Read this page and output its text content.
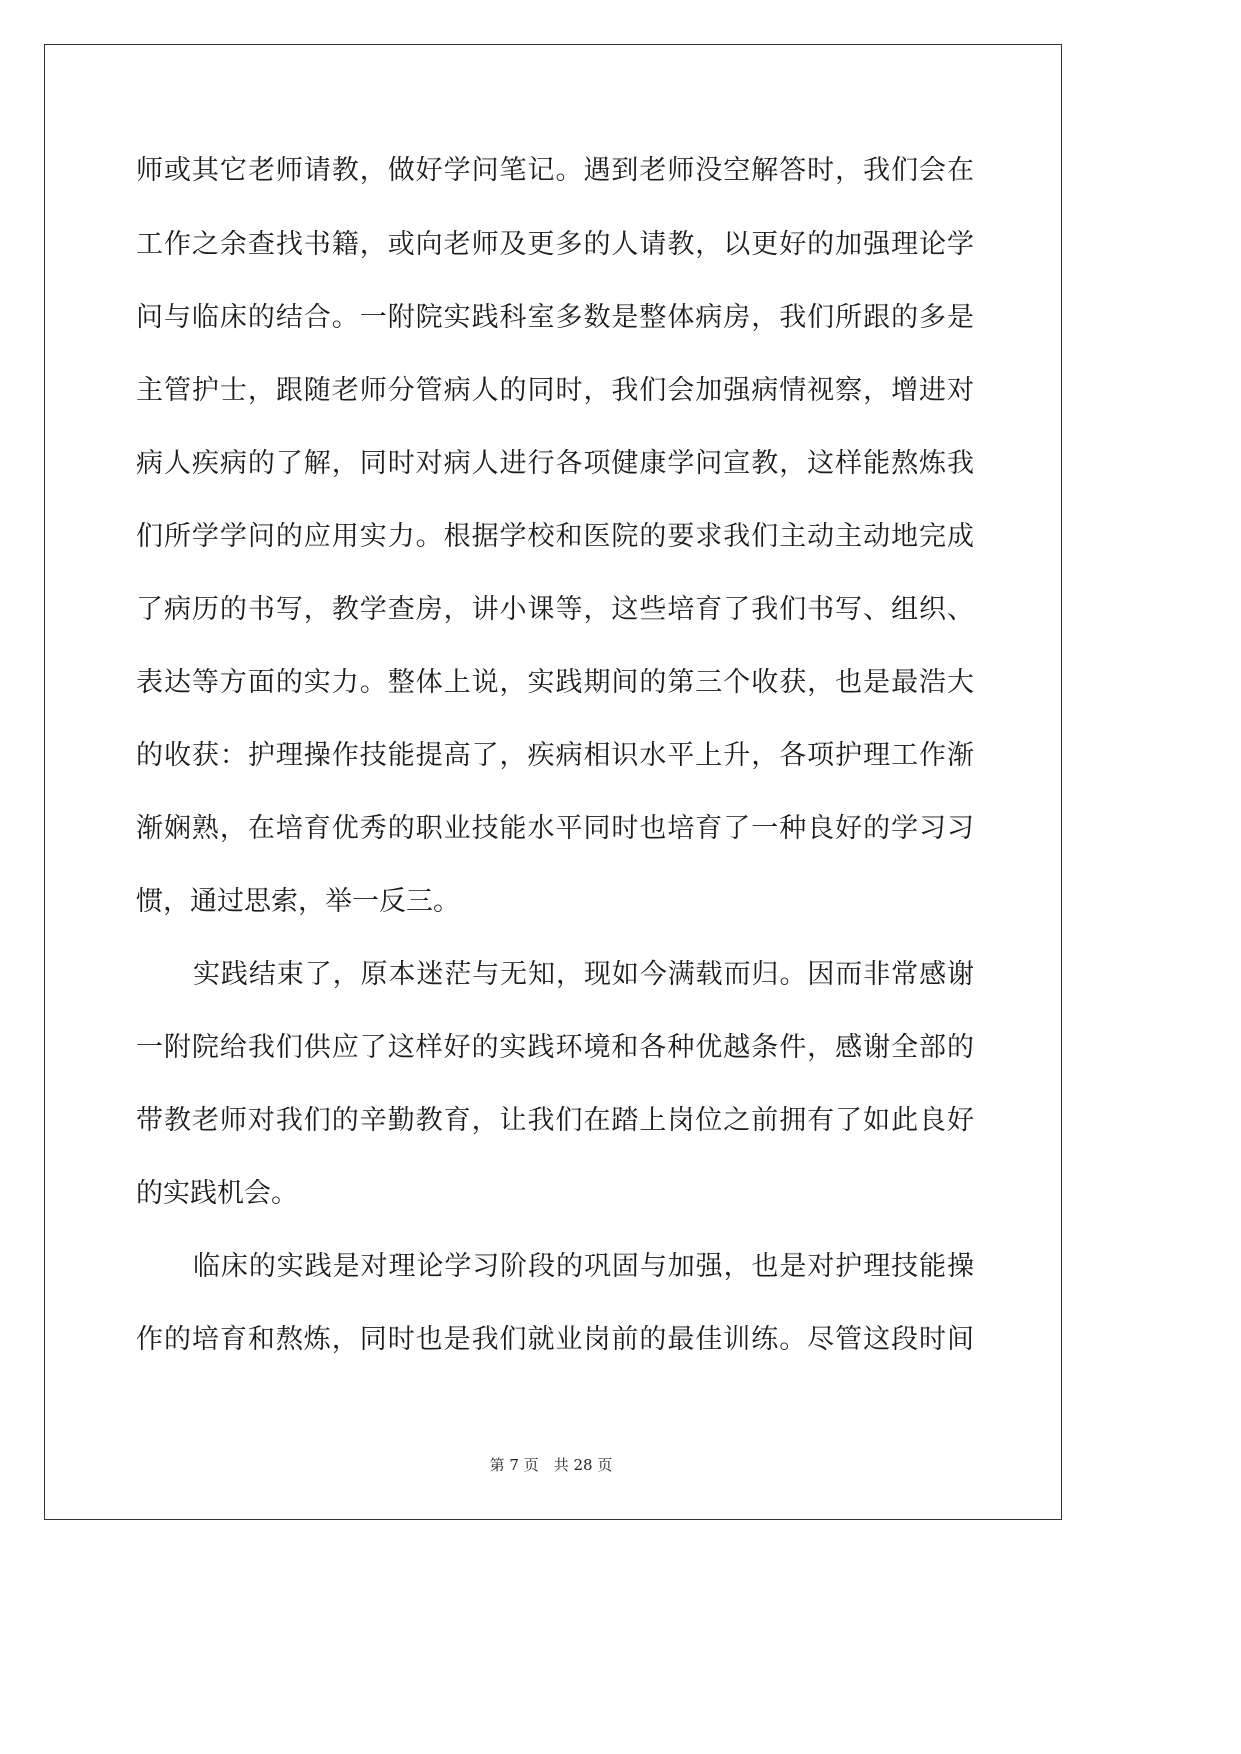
师或其它老师请教，做好学问笔记。遇到老师没空解答时，我们会在
工作之余查找书籍，或向老师及更多的人请教，以更好的加强理论学
问与临床的结合。一附院实践科室多数是整体病房，我们所跟的多是
主管护士，跟随老师分管病人的同时，我们会加强病情视察，增进对
病人疾病的了解，同时对病人进行各项健康学问宣教，这样能熬炼我
们所学学问的应用实力。根据学校和医院的要求我们主动主动地完成
了病历的书写，教学查房，讲小课等，这些培育了我们书写、组织、
表达等方面的实力。整体上说，实践期间的第三个收获，也是最浩大
的收获：护理操作技能提高了，疾病相识水平上升，各项护理工作渐
渐娴熟，在培育优秀的职业技能水平同时也培育了一种良好的学习习
惯，通过思索，举一反三。
实践结束了，原本迷茫与无知，现如今满载而归。因而非常感谢
一附院给我们供应了这样好的实践环境和各种优越条件，感谢全部的
带教老师对我们的辛勤教育，让我们在踏上岗位之前拥有了如此良好
的实践机会。
临床的实践是对理论学习阶段的巩固与加强，也是对护理技能操
作的培育和熬炼，同时也是我们就业岗前的最佳训练。尽管这段时间
第 7 页　共 28 页
